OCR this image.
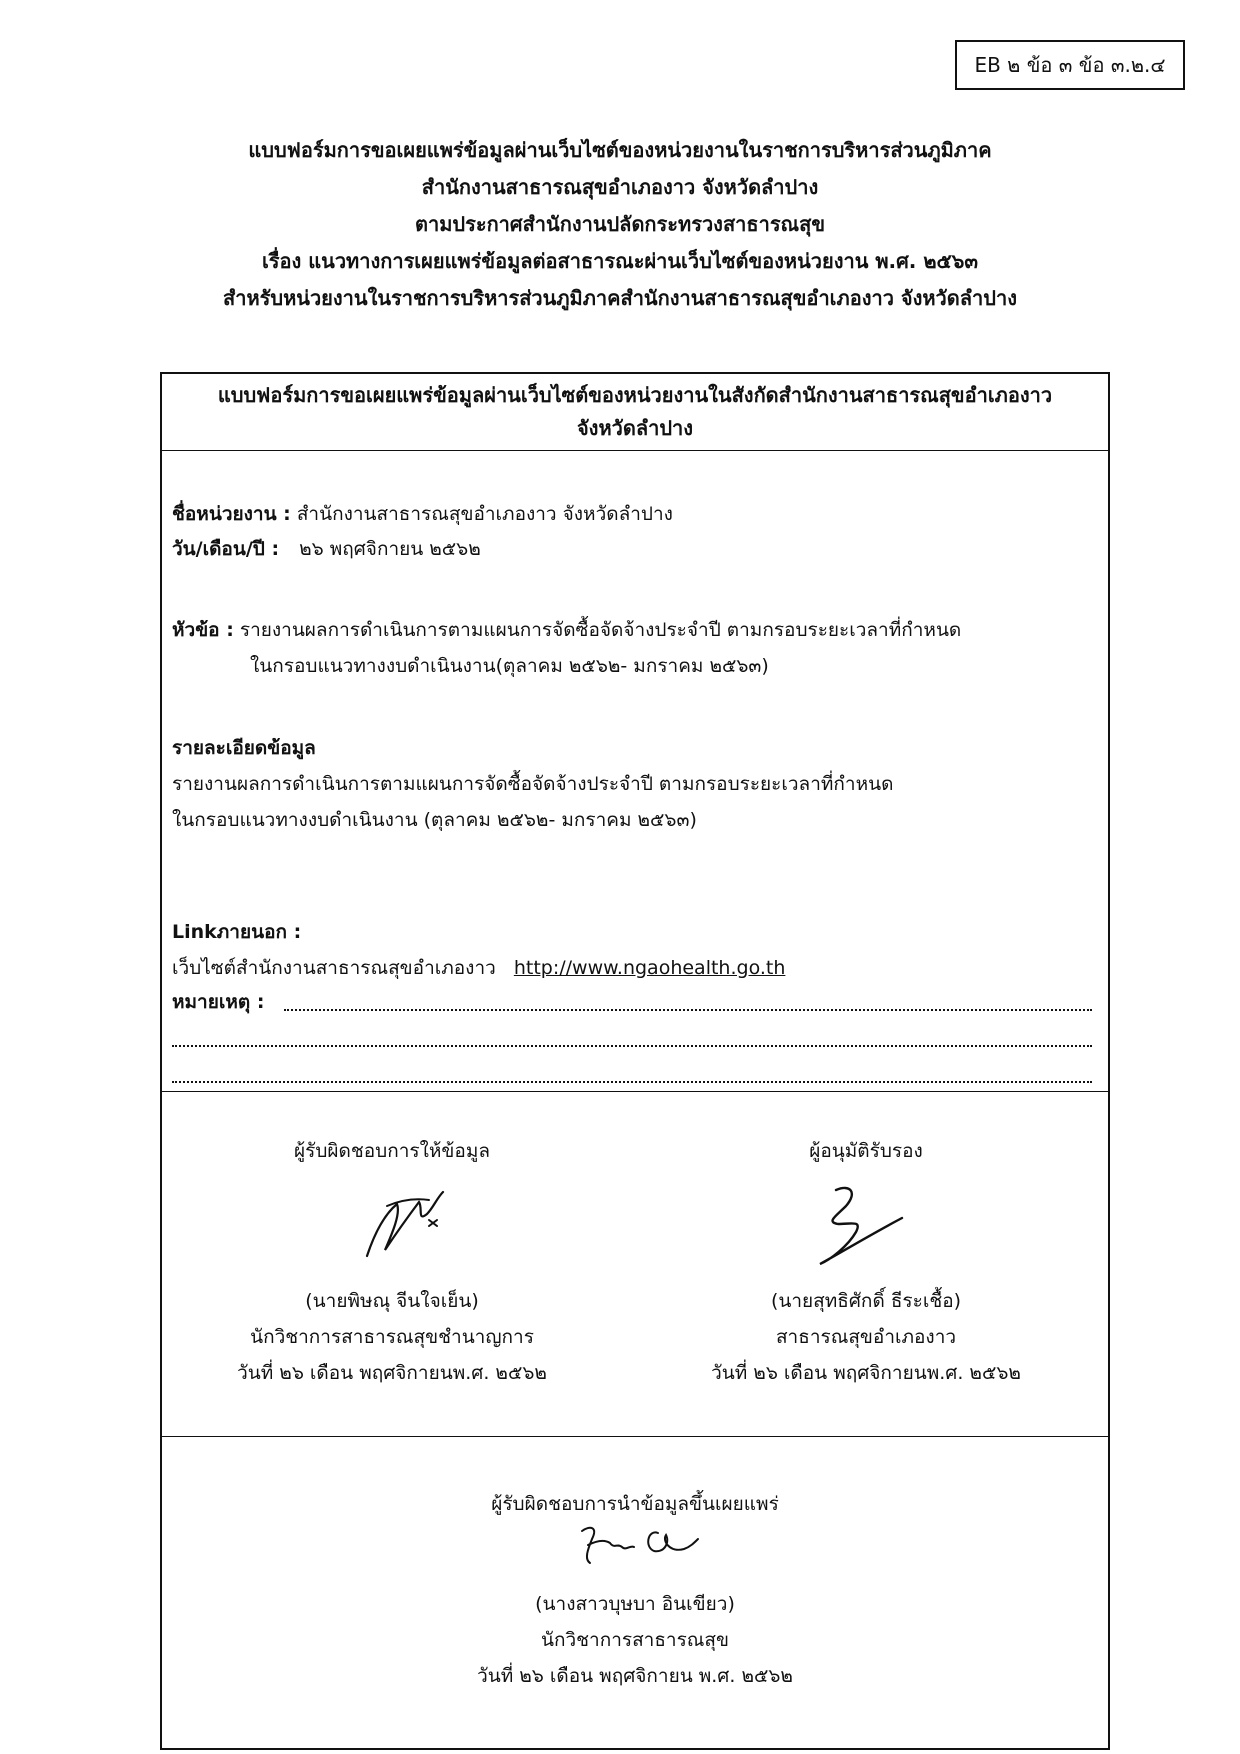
EB ๒ ข้อ ๓ ข้อ ๓.๒.๔
แบบฟอร์มการขอเผยแพร่ข้อมูลผ่านเว็บไซต์ของหน่วยงานในราชการบริหารส่วนภูมิภาค
สำนักงานสาธารณสุขอำเภองาว จังหวัดลำปาง
ตามประกาศสำนักงานปลัดกระทรวงสาธารณสุข
เรื่อง แนวทางการเผยแพร่ข้อมูลต่อสาธารณะผ่านเว็บไซต์ของหน่วยงาน พ.ศ. ๒๕๖๓
สำหรับหน่วยงานในราชการบริหารส่วนภูมิภาคสำนักงานสาธารณสุขอำเภองาว จังหวัดลำปาง
แบบฟอร์มการขอเผยแพร่ข้อมูลผ่านเว็บไซต์ของหน่วยงานในสังกัดสำนักงานสาธารณสุขอำเภองาว
จังหวัดลำปาง
ชื่อหน่วยงาน : สำนักงานสาธารณสุขอำเภองาว จังหวัดลำปาง
วัน/เดือน/ปี : ๒๖ พฤศจิกายน ๒๕๖๒
หัวข้อ : รายงานผลการดำเนินการตามแผนการจัดซื้อจัดจ้างประจำปี ตามกรอบระยะเวลาที่กำหนด
ในกรอบแนวทางงบดำเนินงาน(ตุลาคม ๒๕๖๒- มกราคม ๒๕๖๓)
รายละเอียดข้อมูล
รายงานผลการดำเนินการตามแผนการจัดซื้อจัดจ้างประจำปี ตามกรอบระยะเวลาที่กำหนด
ในกรอบแนวทางงบดำเนินงาน (ตุลาคม ๒๕๖๒- มกราคม ๒๕๖๓)
Linkภายนอก :
เว็บไซต์สำนักงานสาธารณสุขอำเภองาว http://www.ngaohealth.go.th
หมายเหตุ :
ผู้รับผิดชอบการให้ข้อมูล
(นายพิษณุ จีนใจเย็น)
นักวิชาการสาธารณสุขชำนาญการ
วันที่ ๒๖ เดือน พฤศจิกายนพ.ศ. ๒๕๖๒
ผู้อนุมัติรับรอง
(นายสุทธิศักดิ์ ธีระเชื้อ)
สาธารณสุขอำเภองาว
วันที่ ๒๖ เดือน พฤศจิกายนพ.ศ. ๒๕๖๒
ผู้รับผิดชอบการนำข้อมูลขึ้นเผยแพร่
(นางสาวบุษบา อินเขียว)
นักวิชาการสาธารณสุข
วันที่ ๒๖ เดือน พฤศจิกายน พ.ศ. ๒๕๖๒
